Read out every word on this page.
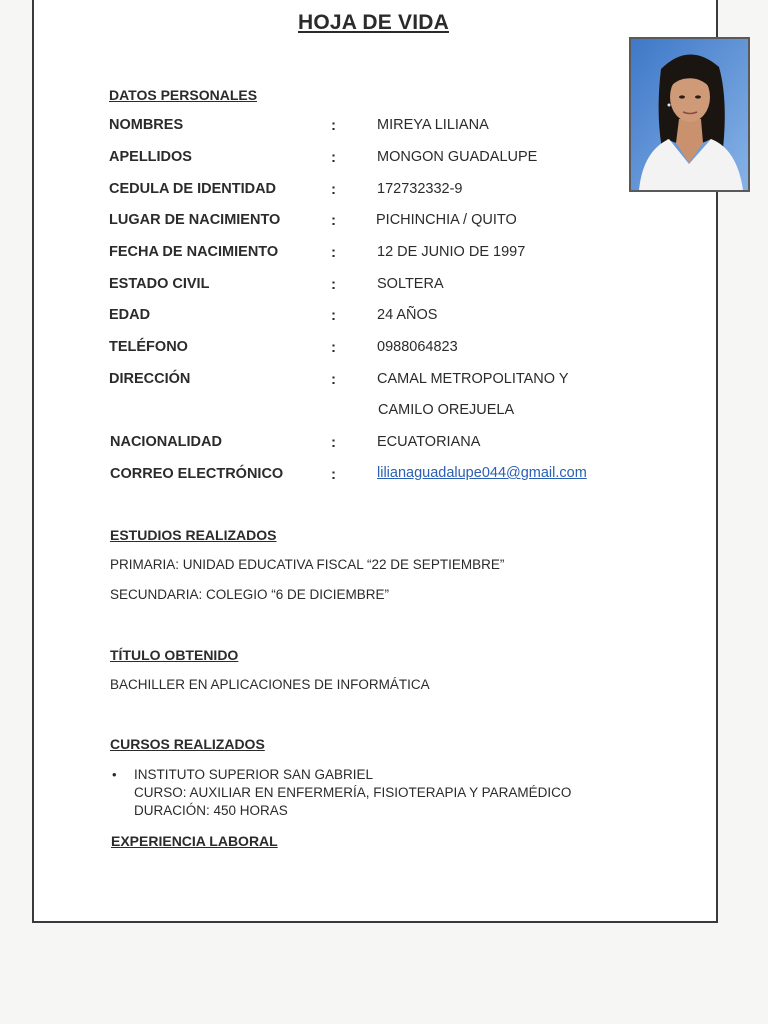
HOJA DE VIDA
DATOS PERSONALES
NOMBRES	:	MIREYA LILIANA
APELLIDOS	:	MONGON GUADALUPE
CEDULA DE IDENTIDAD	:	172732332-9
LUGAR DE NACIMIENTO	:	PICHINCHIA / QUITO
FECHA DE NACIMIENTO	:	12 DE JUNIO DE 1997
ESTADO CIVIL	:	SOLTERA
EDAD	:	24 AÑOS
TELÉFONO	:	0988064823
DIRECCIÓN	:	CAMAL METROPOLITANO Y
CAMILO OREJUELA
NACIONALIDAD	:	ECUATORIANA
CORREO ELECTRÓNICO	:	lilianaguadalupe044@gmail.com
ESTUDIOS REALIZADOS
PRIMARIA: UNIDAD EDUCATIVA FISCAL “22 DE SEPTIEMBRE”
SECUNDARIA: COLEGIO “6 DE DICIEMBRE”
TÍTULO OBTENIDO
BACHILLER EN APLICACIONES DE INFORMÁTICA
CURSOS REALIZADOS
• INSTITUTO SUPERIOR SAN GABRIEL
CURSO: AUXILIAR EN ENFERMERÍA, FISIOTERAPIA Y PARAMÉDICO
DURACIÓN: 450 HORAS
EXPERIENCIA LABORAL
